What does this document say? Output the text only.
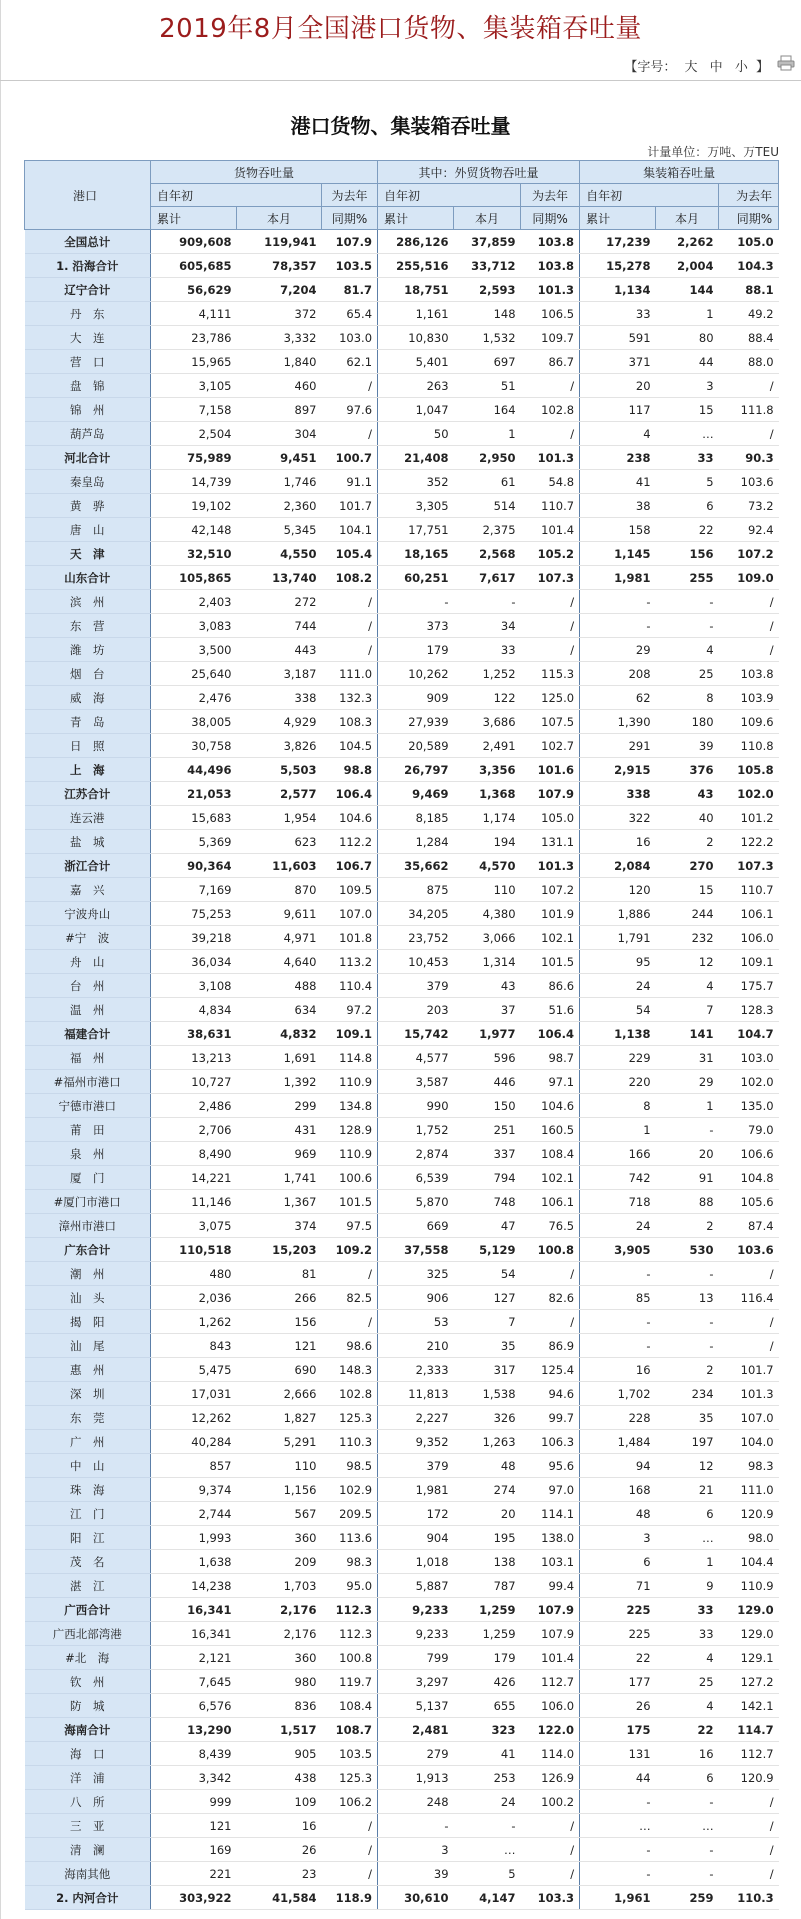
2019年8月全国港口货物、集装箱吞吐量
【字号： 大 中 小 】
港口货物、集装箱吞吐量
计量单位：万吨、万TEU
港口	货物吞吐量			其中：外贸货物吞吐量			集装箱吞吐量		
	自年初		为去年	自年初		为去年	自年初		为去年
	累计	本月	同期%	累计	本月	同期%	累计	本月	同期%
全国总计	909,608	119,941	107.9	286,126	37,859	103.8	17,239	2,262	105.0
1. 沿海合计	605,685	78,357	103.5	255,516	33,712	103.8	15,278	2,004	104.3
辽宁合计	56,629	7,204	81.7	18,751	2,593	101.3	1,134	144	88.1
丹　东	4,111	372	65.4	1,161	148	106.5	33	1	49.2
大　连	23,786	3,332	103.0	10,830	1,532	109.7	591	80	88.4
营　口	15,965	1,840	62.1	5,401	697	86.7	371	44	88.0
盘　锦	3,105	460	/	263	51	/	20	3	/
锦　州	7,158	897	97.6	1,047	164	102.8	117	15	111.8
葫芦岛	2,504	304	/	50	1	/	4	…	/
河北合计	75,989	9,451	100.7	21,408	2,950	101.3	238	33	90.3
秦皇岛	14,739	1,746	91.1	352	61	54.8	41	5	103.6
黄　骅	19,102	2,360	101.7	3,305	514	110.7	38	6	73.2
唐　山	42,148	5,345	104.1	17,751	2,375	101.4	158	22	92.4
天　津	32,510	4,550	105.4	18,165	2,568	105.2	1,145	156	107.2
山东合计	105,865	13,740	108.2	60,251	7,617	107.3	1,981	255	109.0
滨　州	2,403	272	/	-	-	/	-	-	/
东　营	3,083	744	/	373	34	/	-	-	/
潍　坊	3,500	443	/	179	33	/	29	4	/
烟　台	25,640	3,187	111.0	10,262	1,252	115.3	208	25	103.8
威　海	2,476	338	132.3	909	122	125.0	62	8	103.9
青　岛	38,005	4,929	108.3	27,939	3,686	107.5	1,390	180	109.6
日　照	30,758	3,826	104.5	20,589	2,491	102.7	291	39	110.8
上　海	44,496	5,503	98.8	26,797	3,356	101.6	2,915	376	105.8
江苏合计	21,053	2,577	106.4	9,469	1,368	107.9	338	43	102.0
连云港	15,683	1,954	104.6	8,185	1,174	105.0	322	40	101.2
盐　城	5,369	623	112.2	1,284	194	131.1	16	2	122.2
浙江合计	90,364	11,603	106.7	35,662	4,570	101.3	2,084	270	107.3
嘉　兴	7,169	870	109.5	875	110	107.2	120	15	110.7
宁波舟山	75,253	9,611	107.0	34,205	4,380	101.9	1,886	244	106.1
#宁　波	39,218	4,971	101.8	23,752	3,066	102.1	1,791	232	106.0
舟　山	36,034	4,640	113.2	10,453	1,314	101.5	95	12	109.1
台　州	3,108	488	110.4	379	43	86.6	24	4	175.7
温　州	4,834	634	97.2	203	37	51.6	54	7	128.3
福建合计	38,631	4,832	109.1	15,742	1,977	106.4	1,138	141	104.7
福　州	13,213	1,691	114.8	4,577	596	98.7	229	31	103.0
#福州市港口	10,727	1,392	110.9	3,587	446	97.1	220	29	102.0
宁德市港口	2,486	299	134.8	990	150	104.6	8	1	135.0
莆　田	2,706	431	128.9	1,752	251	160.5	1	-	79.0
泉　州	8,490	969	110.9	2,874	337	108.4	166	20	106.6
厦　门	14,221	1,741	100.6	6,539	794	102.1	742	91	104.8
#厦门市港口	11,146	1,367	101.5	5,870	748	106.1	718	88	105.6
漳州市港口	3,075	374	97.5	669	47	76.5	24	2	87.4
广东合计	110,518	15,203	109.2	37,558	5,129	100.8	3,905	530	103.6
潮　州	480	81	/	325	54	/	-	-	/
汕　头	2,036	266	82.5	906	127	82.6	85	13	116.4
揭　阳	1,262	156	/	53	7	/	-	-	/
汕　尾	843	121	98.6	210	35	86.9	-	-	/
惠　州	5,475	690	148.3	2,333	317	125.4	16	2	101.7
深　圳	17,031	2,666	102.8	11,813	1,538	94.6	1,702	234	101.3
东　莞	12,262	1,827	125.3	2,227	326	99.7	228	35	107.0
广　州	40,284	5,291	110.3	9,352	1,263	106.3	1,484	197	104.0
中　山	857	110	98.5	379	48	95.6	94	12	98.3
珠　海	9,374	1,156	102.9	1,981	274	97.0	168	21	111.0
江　门	2,744	567	209.5	172	20	114.1	48	6	120.9
阳　江	1,993	360	113.6	904	195	138.0	3	…	98.0
茂　名	1,638	209	98.3	1,018	138	103.1	6	1	104.4
湛　江	14,238	1,703	95.0	5,887	787	99.4	71	9	110.9
广西合计	16,341	2,176	112.3	9,233	1,259	107.9	225	33	129.0
广西北部湾港	16,341	2,176	112.3	9,233	1,259	107.9	225	33	129.0
#北　海	2,121	360	100.8	799	179	101.4	22	4	129.1
钦　州	7,645	980	119.7	3,297	426	112.7	177	25	127.2
防　城	6,576	836	108.4	5,137	655	106.0	26	4	142.1
海南合计	13,290	1,517	108.7	2,481	323	122.0	175	22	114.7
海　口	8,439	905	103.5	279	41	114.0	131	16	112.7
洋　浦	3,342	438	125.3	1,913	253	126.9	44	6	120.9
八　所	999	109	106.2	248	24	100.2	-	-	/
三　亚	121	16	/	-	-	/	…	…	/
清　澜	169	26	/	3	…	/	-	-	/
海南其他	221	23	/	39	5	/	-	-	/
2. 内河合计	303,922	41,584	118.9	30,610	4,147	103.3	1,961	259	110.3
